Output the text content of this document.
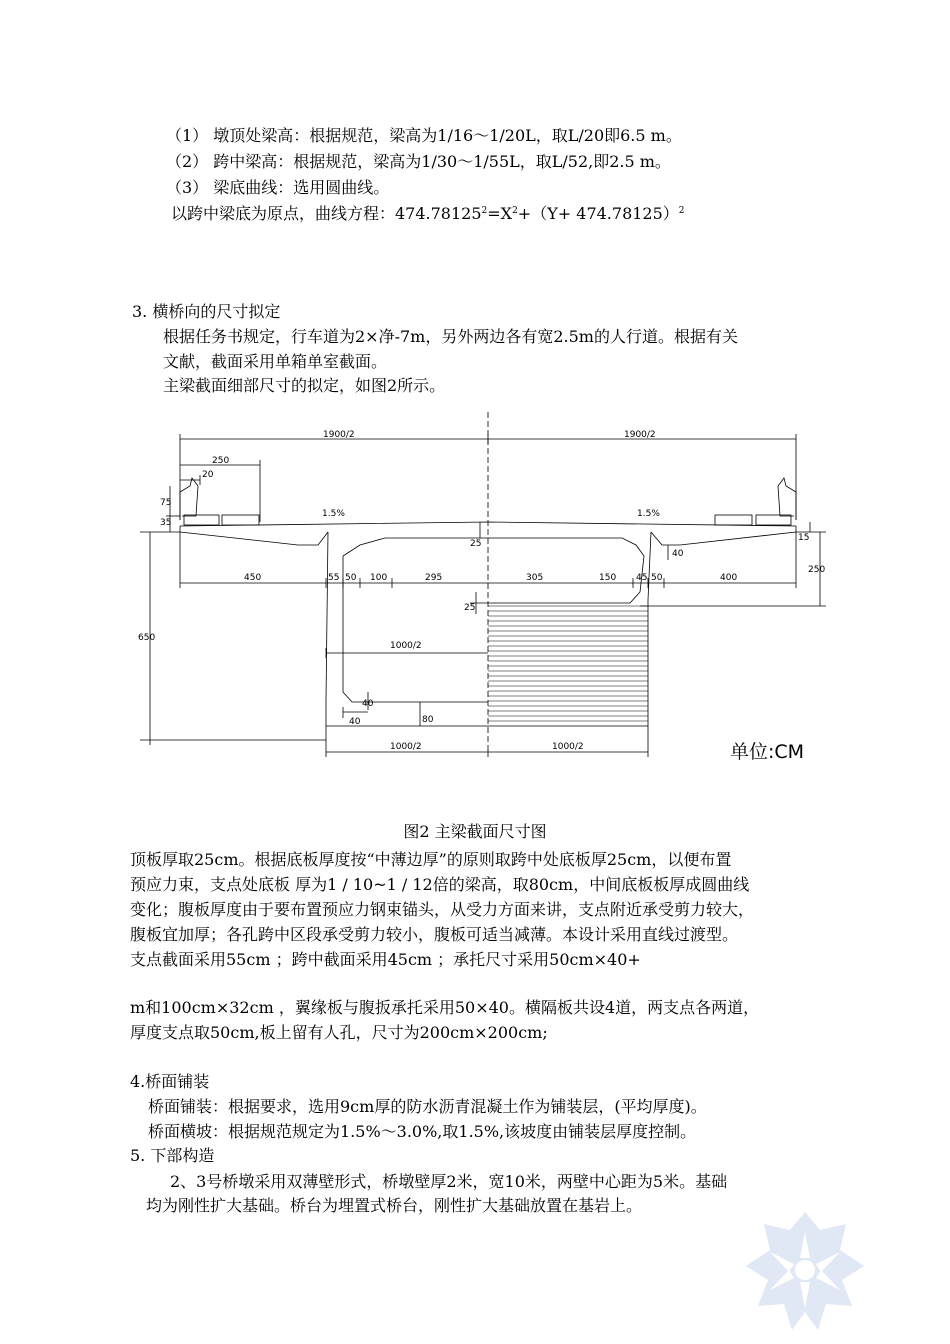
（1） 墩顶处梁高：根据规范，梁高为1/16～1/20L，取L/20即6.5 m。
（2） 跨中梁高：根据规范，梁高为1/30～1/55L，取L/52,即2.5 m。
（3） 梁底曲线：选用圆曲线。
以跨中梁底为原点，曲线方程：$474.78125^2=X^2+(Y+ 474.78125)^2$
3. 横桥向的尺寸拟定
根据任务书规定，行车道为2×净-7m，另外两边各有宽2.5m的人行道。根据有关
文献，截面采用单箱单室截面。
主梁截面细部尺寸的拟定，如图2所示。
1900/2	1900/2
250
20
75
35
1.5%	1.5%
25
40
15
250
450	55 50 100	295	305	150 45 50	400
25
650
1000/2
40
40	80
1000/2	1000/2	单位:CM
图2 主梁截面尺寸图
顶板厚取25cm。根据底板厚度按“中薄边厚”的原则取跨中处底板厚25cm，以便布置
预应力束，支点处底板 厚为1 / 10~1 / 12倍的梁高，取80cm，中间底板板厚成圆曲线
变化；腹板厚度由于要布置预应力钢束锚头，从受力方面来讲，支点附近承受剪力较大，
腹板宜加厚；各孔跨中区段承受剪力较小，腹板可适当减薄。本设计采用直线过渡型。
支点截面采用55cm ；跨中截面采用45cm ；承托尺寸采用50cm×40+
m和100cm×32cm ，翼缘板与腹扳承托采用50×40。横隔板共设4道，两支点各两道，
厚度支点取50cm,板上留有人孔，尺寸为200cm×200cm;
4.桥面铺装
桥面铺装：根据要求，选用9cm厚的防水沥青混凝土作为铺装层，(平均厚度)。
桥面横坡：根据规范规定为1.5%～3.0%,取1.5%,该坡度由铺装层厚度控制。
5. 下部构造
2、3号桥墩采用双薄壁形式，桥墩壁厚2米，宽10米，两壁中心距为5米。基础
均为刚性扩大基础。桥台为埋置式桥台，刚性扩大基础放置在基岩上。
